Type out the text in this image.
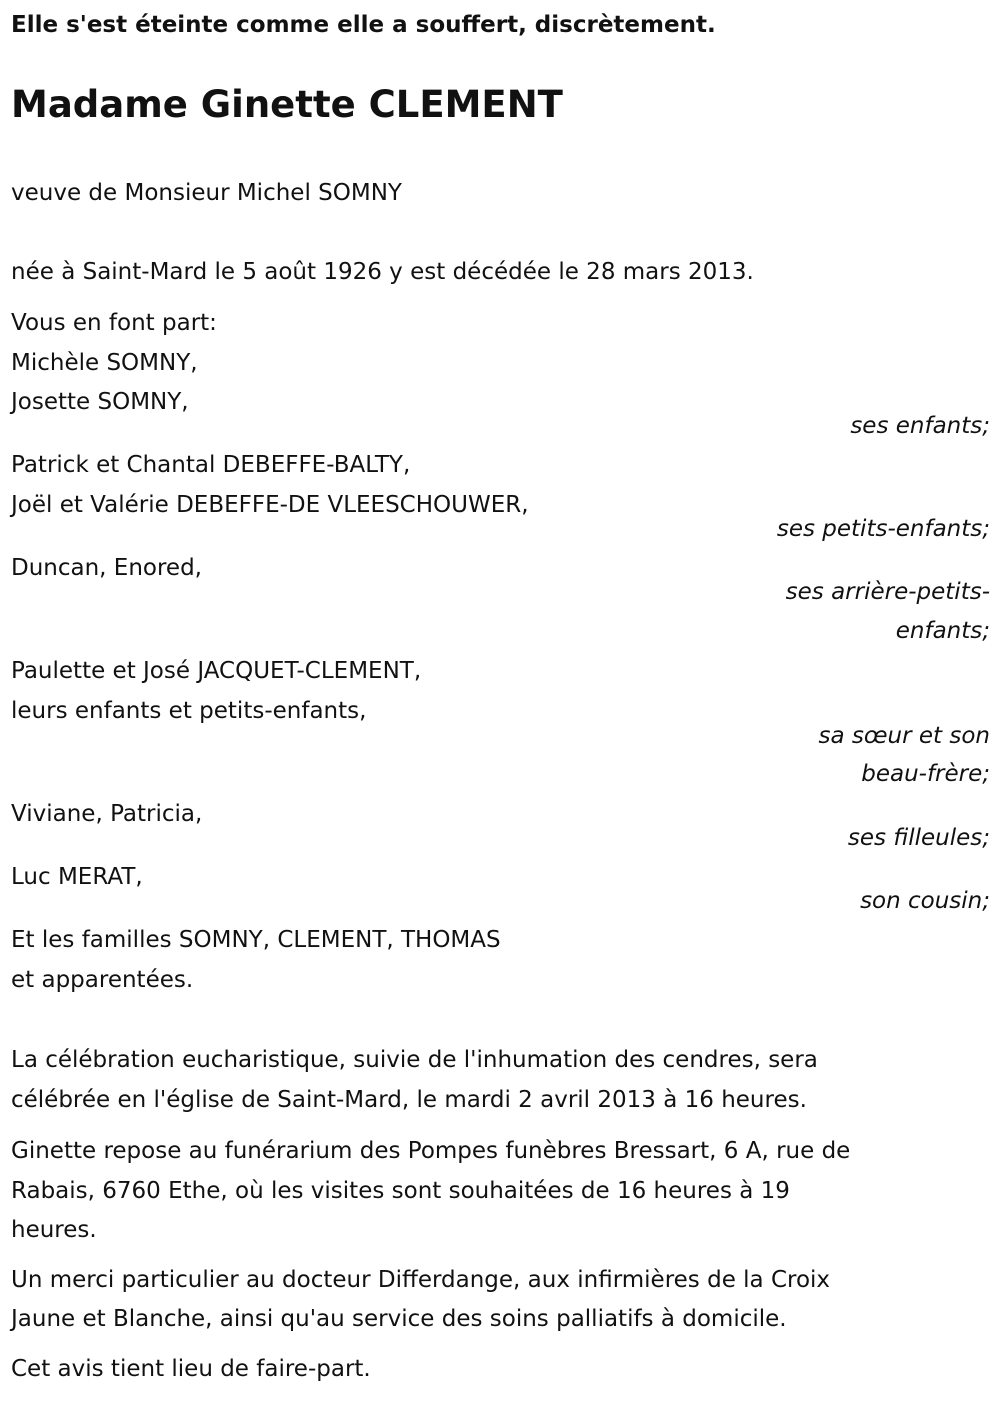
Elle s'est éteinte comme elle a souffert, discrètement.
Madame Ginette CLEMENT
veuve de Monsieur Michel SOMNY
née à Saint-Mard le 5 août 1926 y est décédée le 28 mars 2013.
Vous en font part:
Michèle SOMNY,
Josette SOMNY,
ses enfants;
Patrick et Chantal DEBEFFE-BALTY,
Joël et Valérie DEBEFFE-DE VLEESCHOUWER,
ses petits-enfants;
Duncan, Enored,
ses arrière-petits-
enfants;
Paulette et José JACQUET-CLEMENT,
leurs enfants et petits-enfants,
sa sœur et son
beau-frère;
Viviane, Patricia,
ses filleules;
Luc MERAT,
son cousin;
Et les familles SOMNY, CLEMENT, THOMAS
et apparentées.
La célébration eucharistique, suivie de l'inhumation des cendres, sera
célébrée en l'église de Saint-Mard, le mardi 2 avril 2013 à 16 heures.
Ginette repose au funérarium des Pompes funèbres Bressart, 6 A, rue de
Rabais, 6760 Ethe, où les visites sont souhaitées de 16 heures à 19
heures.
Un merci particulier au docteur Differdange, aux infirmières de la Croix
Jaune et Blanche, ainsi qu'au service des soins palliatifs à domicile.
Cet avis tient lieu de faire-part.
